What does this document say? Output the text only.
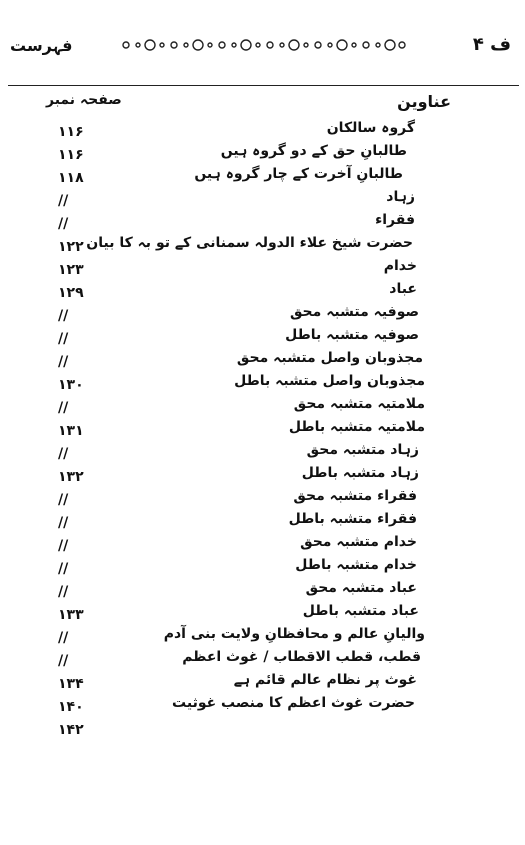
فہرست	ف ۴
عناوین
صفحہ نمبر
گروہ سالکان
۱۱۶
طالبانِ حق کے دو گروہ ہیں
۱۱۶
طالبانِ آخرت کے چار گروہ ہیں
۱۱۸
زہاد
//
فقراء
//
حضرت شیخ علاء الدولہ سمنانی کے تو بہ کا بیان
۱۲۲
خدام
۱۲۳
عباد
۱۲۹
صوفیہ متشبہ محق
//
صوفیہ متشبہ باطل
//
مجذوبان واصل متشبہ محق
//
مجذوبان واصل متشبہ باطل
۱۳۰
ملامتیہ متشبہ محق
//
ملامتیہ متشبہ باطل
۱۳۱
زہاد متشبہ محق
//
زہاد متشبہ باطل
۱۳۲
فقراء متشبہ محق
//
فقراء متشبہ باطل
//
خدام متشبہ محق
//
خدام متشبہ باطل
//
عباد متشبہ محق
//
عباد متشبہ باطل
۱۳۳
والیانِ عالم و محافظانِ ولایت بنی آدم
//
قطب، قطب الاقطاب / غوث اعظم
//
غوث پر نظام عالم قائم ہے
۱۳۴
حضرت غوث اعظم کا منصب غوثیت
۱۴۰
۱۴۲
